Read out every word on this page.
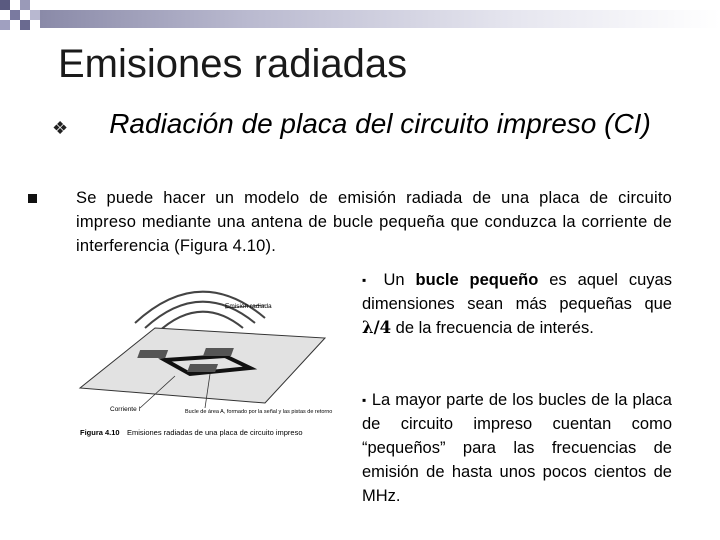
Emisiones radiadas
❖	Radiación de placa del circuito impreso (CI)
Se puede hacer un modelo de emisión radiada de una placa de circuito impreso mediante una antena de bucle pequeña que conduzca la corriente de interferencia (Figura 4.10).
Emisión radiada
Corriente I	Bucle de área A, formado por la señal y las pistas de retorno
Figura 4.10 Emisiones radiadas de una placa de circuito impreso
▪ Un bucle pequeño es aquel cuyas dimensiones sean más pequeñas que λ/4 de la frecuencia de interés.
▪ La mayor parte de los bucles de la placa de circuito impreso cuentan como “pequeños” para las frecuencias de emisión de hasta unos pocos cientos de MHz.
